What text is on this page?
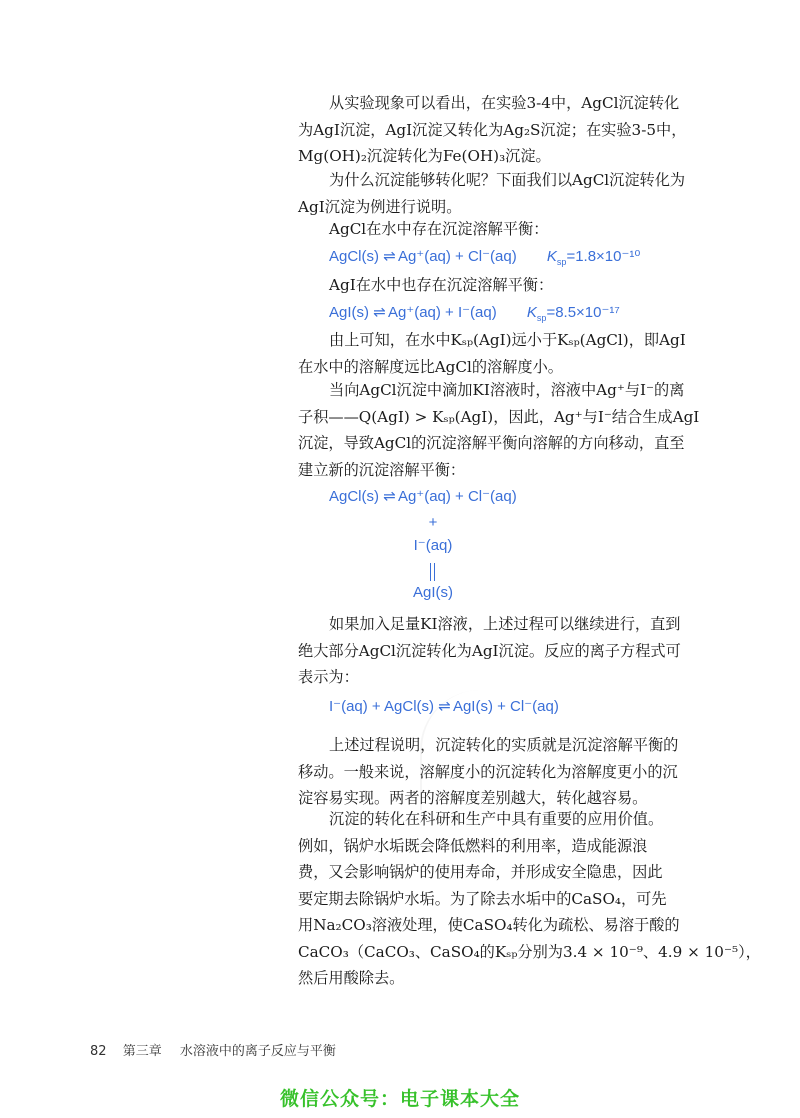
从实验现象可以看出，在实验3-4中，AgCl沉淀转化
为AgI沉淀，AgI沉淀又转化为Ag₂S沉淀；在实验3-5中，
Mg(OH)₂沉淀转化为Fe(OH)₃沉淀。
为什么沉淀能够转化呢？下面我们以AgCl沉淀转化为
AgI沉淀为例进行说明。
AgCl在水中存在沉淀溶解平衡：
AgCl(s) ⇌ Ag⁺(aq) + Cl⁻(aq) $K_{sp}=1.8\times 10^{-10}$
AgI在水中也存在沉淀溶解平衡：
AgI(s) ⇌ Ag⁺(aq) + I⁻(aq) $K_{sp}=8.5\times 10^{-17}$
由上可知，在水中Kₛₚ(AgI)远小于Kₛₚ(AgCl)，即AgI
在水中的溶解度远比AgCl的溶解度小。
当向AgCl沉淀中滴加KI溶液时，溶液中Ag⁺与I⁻的离
子积——Q(AgI) > Kₛₚ(AgI)，因此，Ag⁺与I⁻结合生成AgI
沉淀，导致AgCl的沉淀溶解平衡向溶解的方向移动，直至
建立新的沉淀溶解平衡：
AgCl(s) ⇌ Ag⁺(aq) + Cl⁻(aq)
+
I⁻(aq)
AgI(s)
如果加入足量KI溶液，上述过程可以继续进行，直到
绝大部分AgCl沉淀转化为AgI沉淀。反应的离子方程式可
表示为：
I⁻(aq) + AgCl(s) ⇌ AgI(s) + Cl⁻(aq)
上述过程说明，沉淀转化的实质就是沉淀溶解平衡的
移动。一般来说，溶解度小的沉淀转化为溶解度更小的沉
淀容易实现。两者的溶解度差别越大，转化越容易。
沉淀的转化在科研和生产中具有重要的应用价值。
例如，锅炉水垢既会降低燃料的利用率，造成能源浪
费，又会影响锅炉的使用寿命，并形成安全隐患，因此
要定期去除锅炉水垢。为了除去水垢中的CaSO₄，可先
用Na₂CO₃溶液处理，使CaSO₄转化为疏松、易溶于酸的
CaCO₃（CaCO₃、CaSO₄的Kₛₚ分别为3.4 × 10⁻⁹、4.9 × 10⁻⁵），
然后用酸除去。
82 第三章 水溶液中的离子反应与平衡
微信公众号：电子课本大全
